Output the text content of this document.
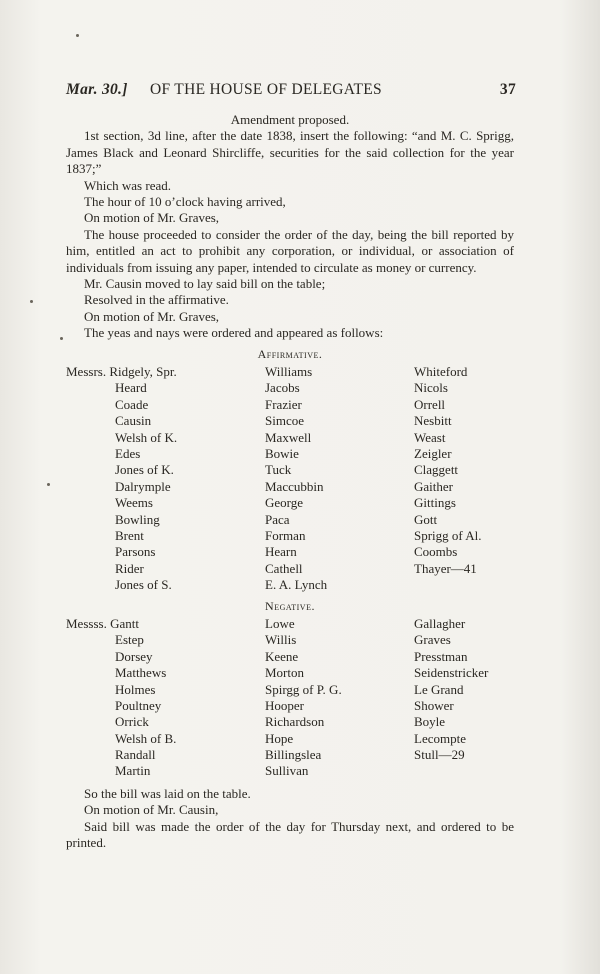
Mar. 30.] OF THE HOUSE OF DELEGATES	37
Amendment proposed.

1st section, 3d line, after the date 1838, insert the following: “and M. C. Sprigg, James Black and Leonard Shircliffe, securities for the said collection for the year 1837;”

Which was read.

The hour of 10 o’clock having arrived,

On motion of Mr. Graves,

The house proceeded to consider the order of the day, being the bill reported by him, entitled an act to prohibit any corporation, or individual, or association of individuals from issuing any paper, intended to circulate as money or currency.

Mr. Causin moved to lay said bill on the table;

Resolved in the affirmative.

On motion of Mr. Graves,

The yeas and nays were ordered and appeared as follows:

Affirmative.
Messrs. Ridgely, Spr.	Williams	Whiteford
Heard	Jacobs	Nicols
Coade	Frazier	Orrell
Causin	Simcoe	Nesbitt
Welsh of K.	Maxwell	Weast
Edes	Bowie	Zeigler
Jones of K.	Tuck	Claggett
Dalrymple	Maccubbin	Gaither
Weems	George	Gittings
Bowling	Paca	Gott
Brent	Forman	Sprigg of Al.
Parsons	Hearn	Coombs
Rider	Cathell	Thayer—41
Jones of S.	E. A. Lynch
Negative.
Messss. Gantt	Lowe	Gallagher
Estep	Willis	Graves
Dorsey	Keene	Presstman
Matthews	Morton	Seidenstricker
Holmes	Spirgg of P. G.	Le Grand
Poultney	Hooper	Shower
Orrick	Richardson	Boyle
Welsh of B.	Hope	Lecompte
Randall	Billingslea	Stull—29
Martin	Sullivan

So the bill was laid on the table.

On motion of Mr. Causin,

Said bill was made the order of the day for Thursday next, and ordered to be printed.
